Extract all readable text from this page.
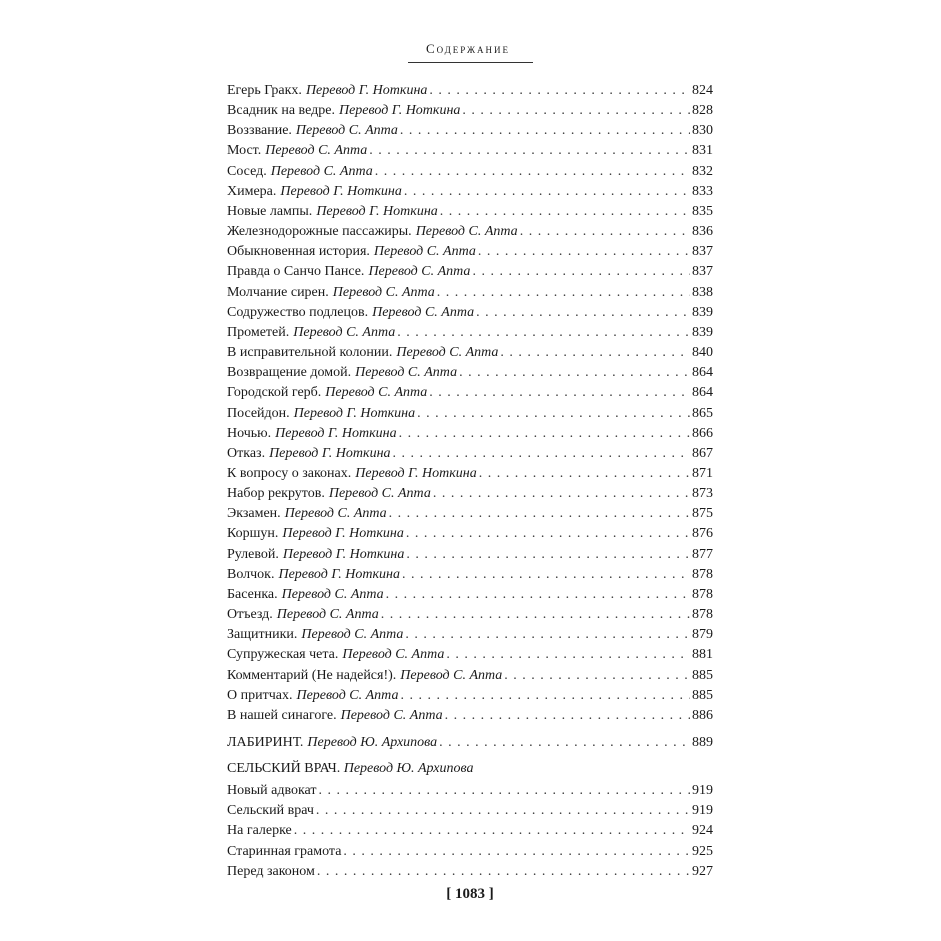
Содержание
Егерь Гракх. Перевод Г. Ноткина . . .	824
Всадник на ведре. Перевод Г. Ноткина . . .	828
Воззвание. Перевод С. Апта . . .	830
Мост. Перевод С. Апта . . .	831
Сосед. Перевод С. Апта . . .	832
Химера. Перевод Г. Ноткина . . .	833
Новые лампы. Перевод Г. Ноткина . . .	835
Железнодорожные пассажиры. Перевод С. Апта . . .	836
Обыкновенная история. Перевод С. Апта . . .	837
Правда о Санчо Пансе. Перевод С. Апта . . .	837
Молчание сирен. Перевод С. Апта . . .	838
Содружество подлецов. Перевод С. Апта . . .	839
Прометей. Перевод С. Апта . . .	839
В исправительной колонии. Перевод С. Апта . . .	840
Возвращение домой. Перевод С. Апта . . .	864
Городской герб. Перевод С. Апта . . .	864
Посейдон. Перевод Г. Ноткина . . .	865
Ночью. Перевод Г. Ноткина . . .	866
Отказ. Перевод Г. Ноткина . . .	867
К вопросу о законах. Перевод Г. Ноткина . . .	871
Набор рекрутов. Перевод С. Апта . . .	873
Экзамен. Перевод С. Апта . . .	875
Коршун. Перевод Г. Ноткина . . .	876
Рулевой. Перевод Г. Ноткина . . .	877
Волчок. Перевод Г. Ноткина . . .	878
Басенка. Перевод С. Апта . . .	878
Отъезд. Перевод С. Апта . . .	878
Защитники. Перевод С. Апта . . .	879
Супружеская чета. Перевод С. Апта . . .	881
Комментарий (Не надейся!). Перевод С. Апта . . .	885
О притчах. Перевод С. Апта . . .	885
В нашей синагоге. Перевод С. Апта . . .	886
ЛАБИРИНТ. Перевод Ю. Архипова . . .	889
СЕЛЬСКИЙ ВРАЧ. Перевод Ю. Архипова
Новый адвокат . . .	919
Сельский врач . . .	919
На галерке . . .	924
Старинная грамота . . .	925
Перед законом . . .	927
[ 1083 ]
